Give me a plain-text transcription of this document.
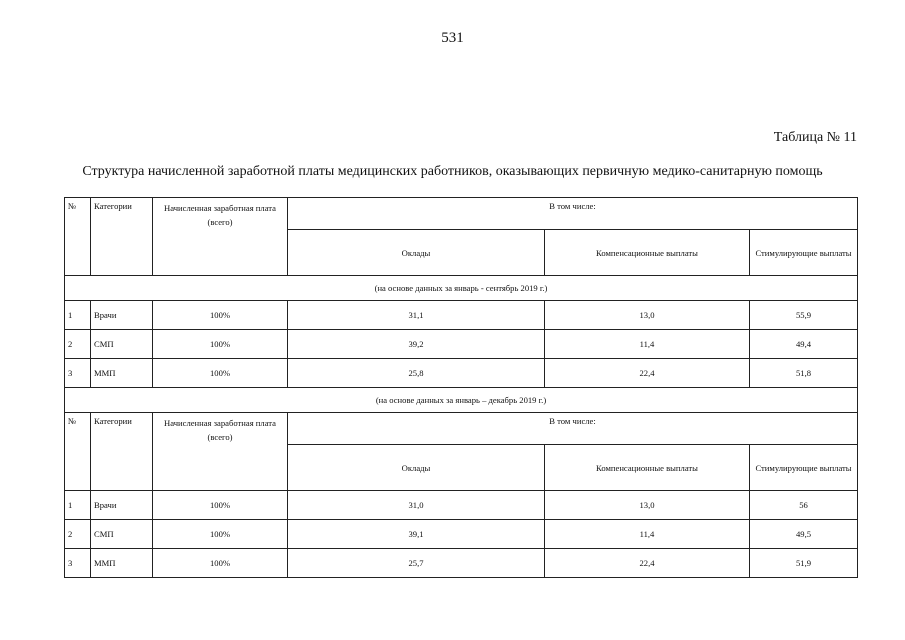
531
Таблица № 11
Структура начисленной заработной платы медицинских работников, оказывающих первичную медико-санитарную помощь
№	Категории	Начисленная заработная плата (всего)	В том числе:		
			Оклады	Компенсационные выплаты	Стимулирующие выплаты
(на основе данных за январь - сентябрь 2019 г.)					
1	Врачи	100%	31,1	13,0	55,9
2	СМП	100%	39,2	11,4	49,4
3	ММП	100%	25,8	22,4	51,8
(на основе данных за январь – декабрь 2019 г.)					
№	Категории	Начисленная заработная плата (всего)	В том числе:		
			Оклады	Компенсационные выплаты	Стимулирующие выплаты
1	Врачи	100%	31,0	13,0	56
2	СМП	100%	39,1	11,4	49,5
3	ММП	100%	25,7	22,4	51,9
